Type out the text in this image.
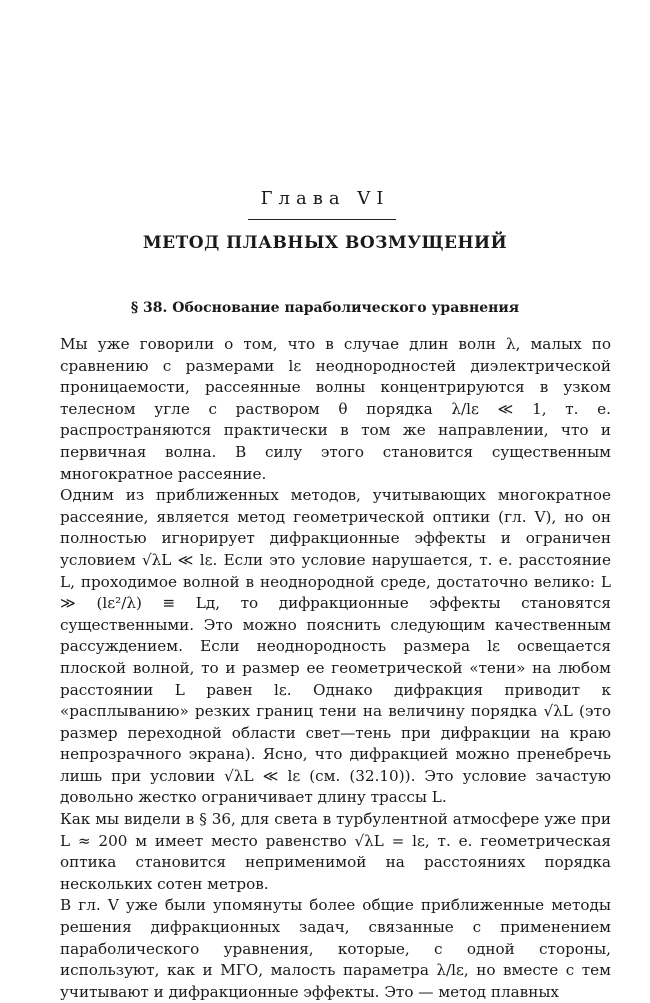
Глава VI
МЕТОД ПЛАВНЫХ ВОЗМУЩЕНИЙ
§ 38. Обоснование параболического уравнения

Мы уже говорили о том, что в случае длин волн λ, малых по сравнению с размерами lε неоднородностей диэлектрической проницаемости, рассеянные волны концентрируются в узком телесном угле с раствором θ порядка λ/lε ≪ 1, т. е. распространяются практически в том же направлении, что и первичная волна. В силу этого становится существенным многократное рассеяние.

Одним из приближенных методов, учитывающих многократное рассеяние, является метод геометрической оптики (гл. V), но он полностью игнорирует дифракционные эффекты и ограничен условием √λL ≪ lε. Если это условие нарушается, т. е. расстояние L, проходимое волной в неоднородной среде, достаточно велико: L ≫ (lε²/λ) ≡ Lд, то дифракционные эффекты становятся существенными. Это можно пояснить следующим качественным рассуждением. Если неоднородность размера lε освещается плоской волной, то и размер ее геометрической «тени» на любом расстоянии L равен lε. Однако дифракция приводит к «расплыванию» резких границ тени на величину порядка √λL (это размер переходной области свет—тень при дифракции на краю непрозрачного экрана). Ясно, что дифракцией можно пренебречь лишь при условии √λL ≪ lε (см. (32.10)). Это условие зачастую довольно жестко ограничивает длину трассы L.

Как мы видели в § 36, для света в турбулентной атмосфере уже при L ≈ 200 м имеет место равенство √λL = lε, т. е. геометрическая оптика становится неприменимой на расстояниях порядка нескольких сотен метров.

В гл. V уже были упомянуты более общие приближенные методы решения дифракционных задач, связанные с применением параболического уравнения, которые, с одной стороны, используют, как и МГО, малость параметра λ/lε, но вместе с тем учитывают и дифракционные эффекты. Это — метод плавных
